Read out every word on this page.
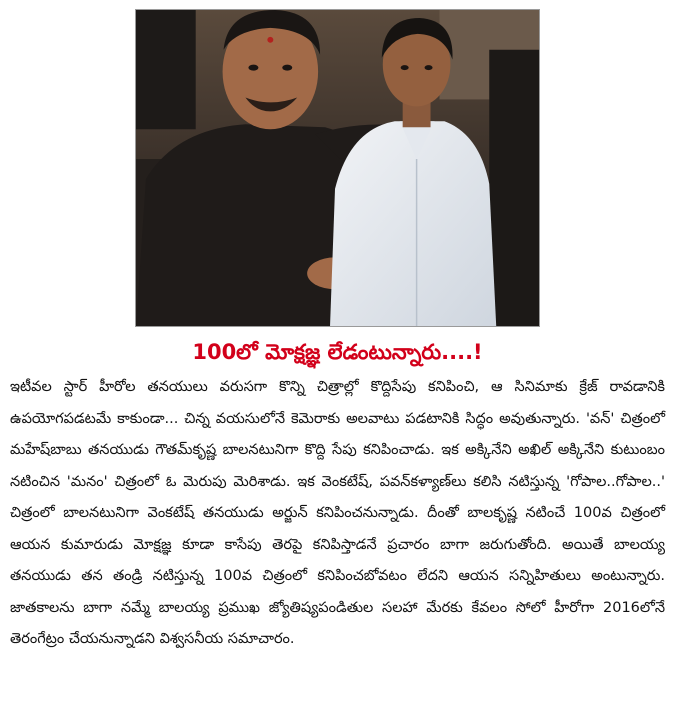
100లో మోక్షజ్ఞ లేడంటున్నారు....!

ఇటీవల స్టార్ హీరోల తనయులు వరుసగా కొన్ని చిత్రాల్లో కొద్దిసేపు కనిపించి, ఆ సినిమాకు క్రేజ్ రావడానికి ఉపయోగపడటమే కాకుండా... చిన్న వయసులోనే కెమెరాకు అలవాటు పడటానికి సిద్ధం అవుతున్నారు. 'వన్' చిత్రంలో మహేష్‌బాబు తనయుడు గౌతమ్‌కృష్ణ బాలనటునిగా కొద్ది సేపు కనిపించాడు. ఇక అక్కినేని అఖిల్ అక్కినేని కుటుంబం నటించిన 'మనం' చిత్రంలో ఓ మెరుపు మెరిశాడు. ఇక వెంకటేష్, పవన్‌కళ్యాణ్‌లు కలిసి నటిస్తున్న 'గోపాల..గోపాల..' చిత్రంలో బాలనటునిగా వెంకటేష్ తనయుడు అర్జున్ కనిపించనున్నాడు. దీంతో బాలకృష్ణ నటించే 100వ చిత్రంలో ఆయన కుమారుడు మోక్షజ్ఞ కూడా కాసేపు తెరపై కనిపిస్తాడనే ప్రచారం బాగా జరుగుతోంది. అయితే బాలయ్య తనయుడు తన తండ్రి నటిస్తున్న 100వ చిత్రంలో కనిపించబోవటం లేదని ఆయన సన్నిహితులు అంటున్నారు. జాతకాలను బాగా నమ్మే బాలయ్య ప్రముఖ జ్యోతిష్యపండితుల సలహా మేరకు కేవలం సోలో హీరోగా 2016లోనే తెరంగేట్రం చేయనున్నాడని విశ్వసనీయ సమాచారం.
